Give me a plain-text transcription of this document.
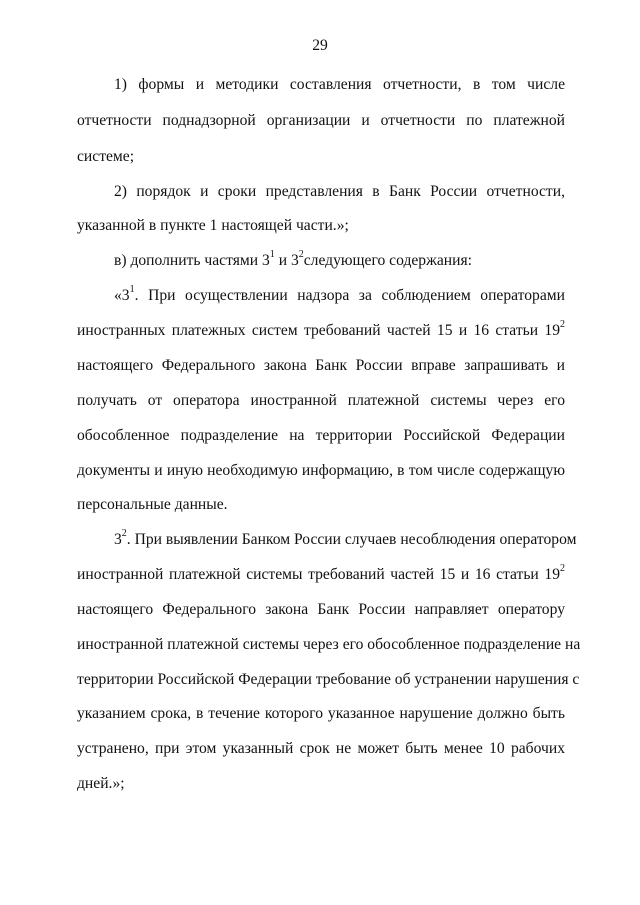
29
1) формы и методики составления отчетности, в том числе
отчетности поднадзорной организации и отчетности по платежной
системе;
2) порядок и сроки представления в Банк России отчетности,
указанной в пункте 1 настоящей части.»;
в) дополнить частями $3^1$ и $3^2следующего$ содержания:
«$3^1$. При осуществлении надзора за соблюдением операторами
иностранных платежных систем требований частей 15 и 16 статьи $19^2$
настоящего Федерального закона Банк России вправе запрашивать и
получать от оператора иностранной платежной системы через его
обособленное подразделение на территории Российской Федерации
документы и иную необходимую информацию, в том числе содержащую
персональные данные.
$3^2$. При выявлении Банком России случаев несоблюдения оператором
иностранной платежной системы требований частей 15 и 16 статьи $19^2$
настоящего Федерального закона Банк России направляет оператору
иностранной платежной системы через его обособленное подразделение на
территории Российской Федерации требование об устранении нарушения с
указанием срока, в течение которого указанное нарушение должно быть
устранено, при этом указанный срок не может быть менее 10 рабочих
дней.»;
